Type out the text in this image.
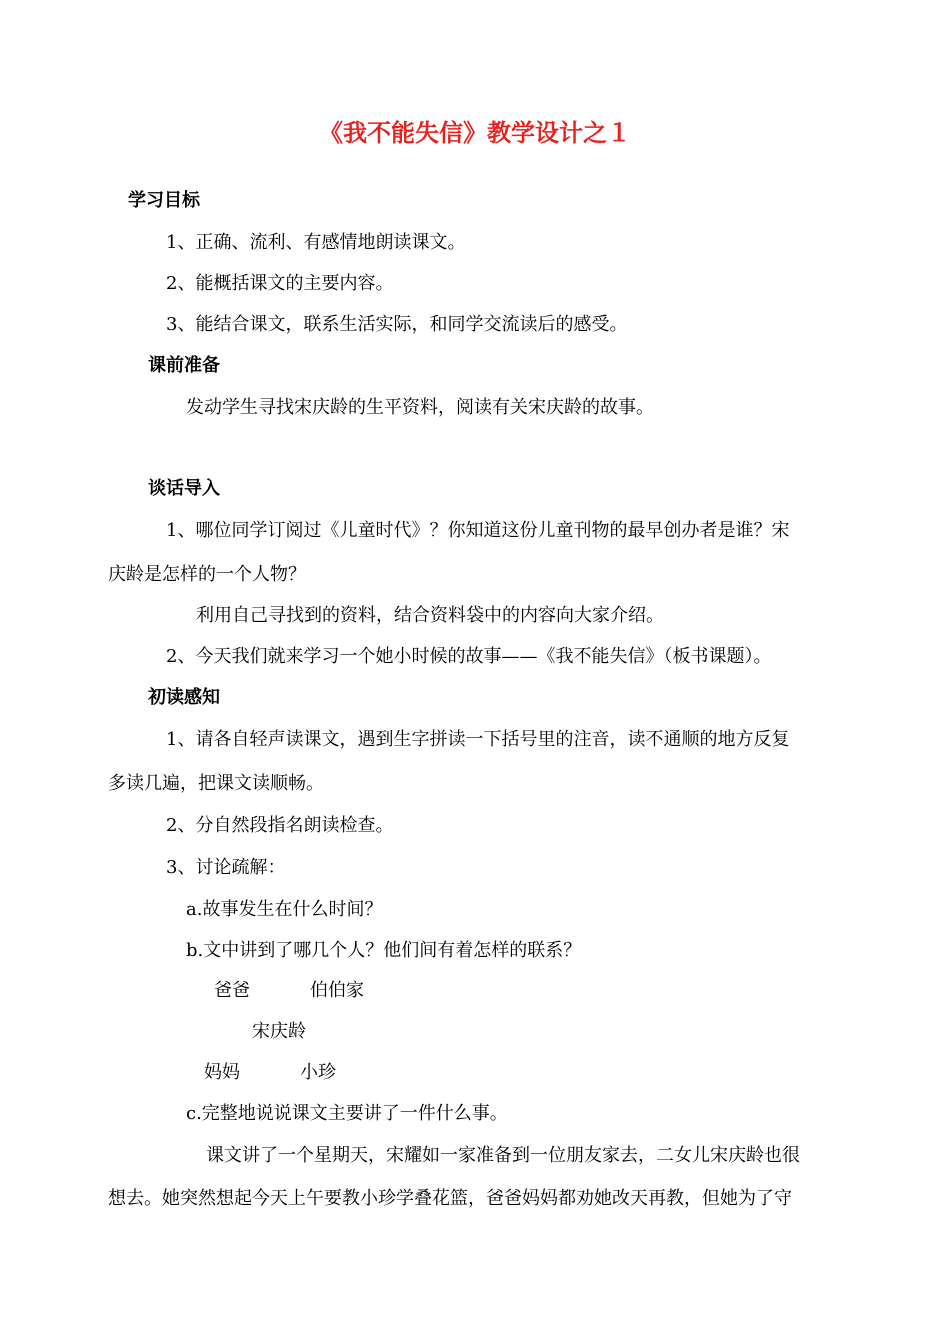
《我不能失信》教学设计之１
学习目标
1、正确、流利、有感情地朗读课文。
2、能概括课文的主要内容。
3、能结合课文，联系生活实际，和同学交流读后的感受。
课前准备
发动学生寻找宋庆龄的生平资料，阅读有关宋庆龄的故事。
谈话导入
1、哪位同学订阅过《儿童时代》？你知道这份儿童刊物的最早创办者是谁？宋
庆龄是怎样的一个人物？
利用自己寻找到的资料，结合资料袋中的内容向大家介绍。
2、今天我们就来学习一个她小时候的故事——《我不能失信》（板书课题）。
初读感知
1、请各自轻声读课文，遇到生字拼读一下括号里的注音，读不通顺的地方反复
多读几遍，把课文读顺畅。
2、分自然段指名朗读检查。
3、讨论疏解：
a.故事发生在什么时间？
b.文中讲到了哪几个人？他们间有着怎样的联系？
爸爸	伯伯家
宋庆龄
妈妈	小珍
c.完整地说说课文主要讲了一件什么事。
课文讲了一个星期天，宋耀如一家准备到一位朋友家去，二女儿宋庆龄也很
想去。她突然想起今天上午要教小珍学叠花篮，爸爸妈妈都劝她改天再教，但她为了守
